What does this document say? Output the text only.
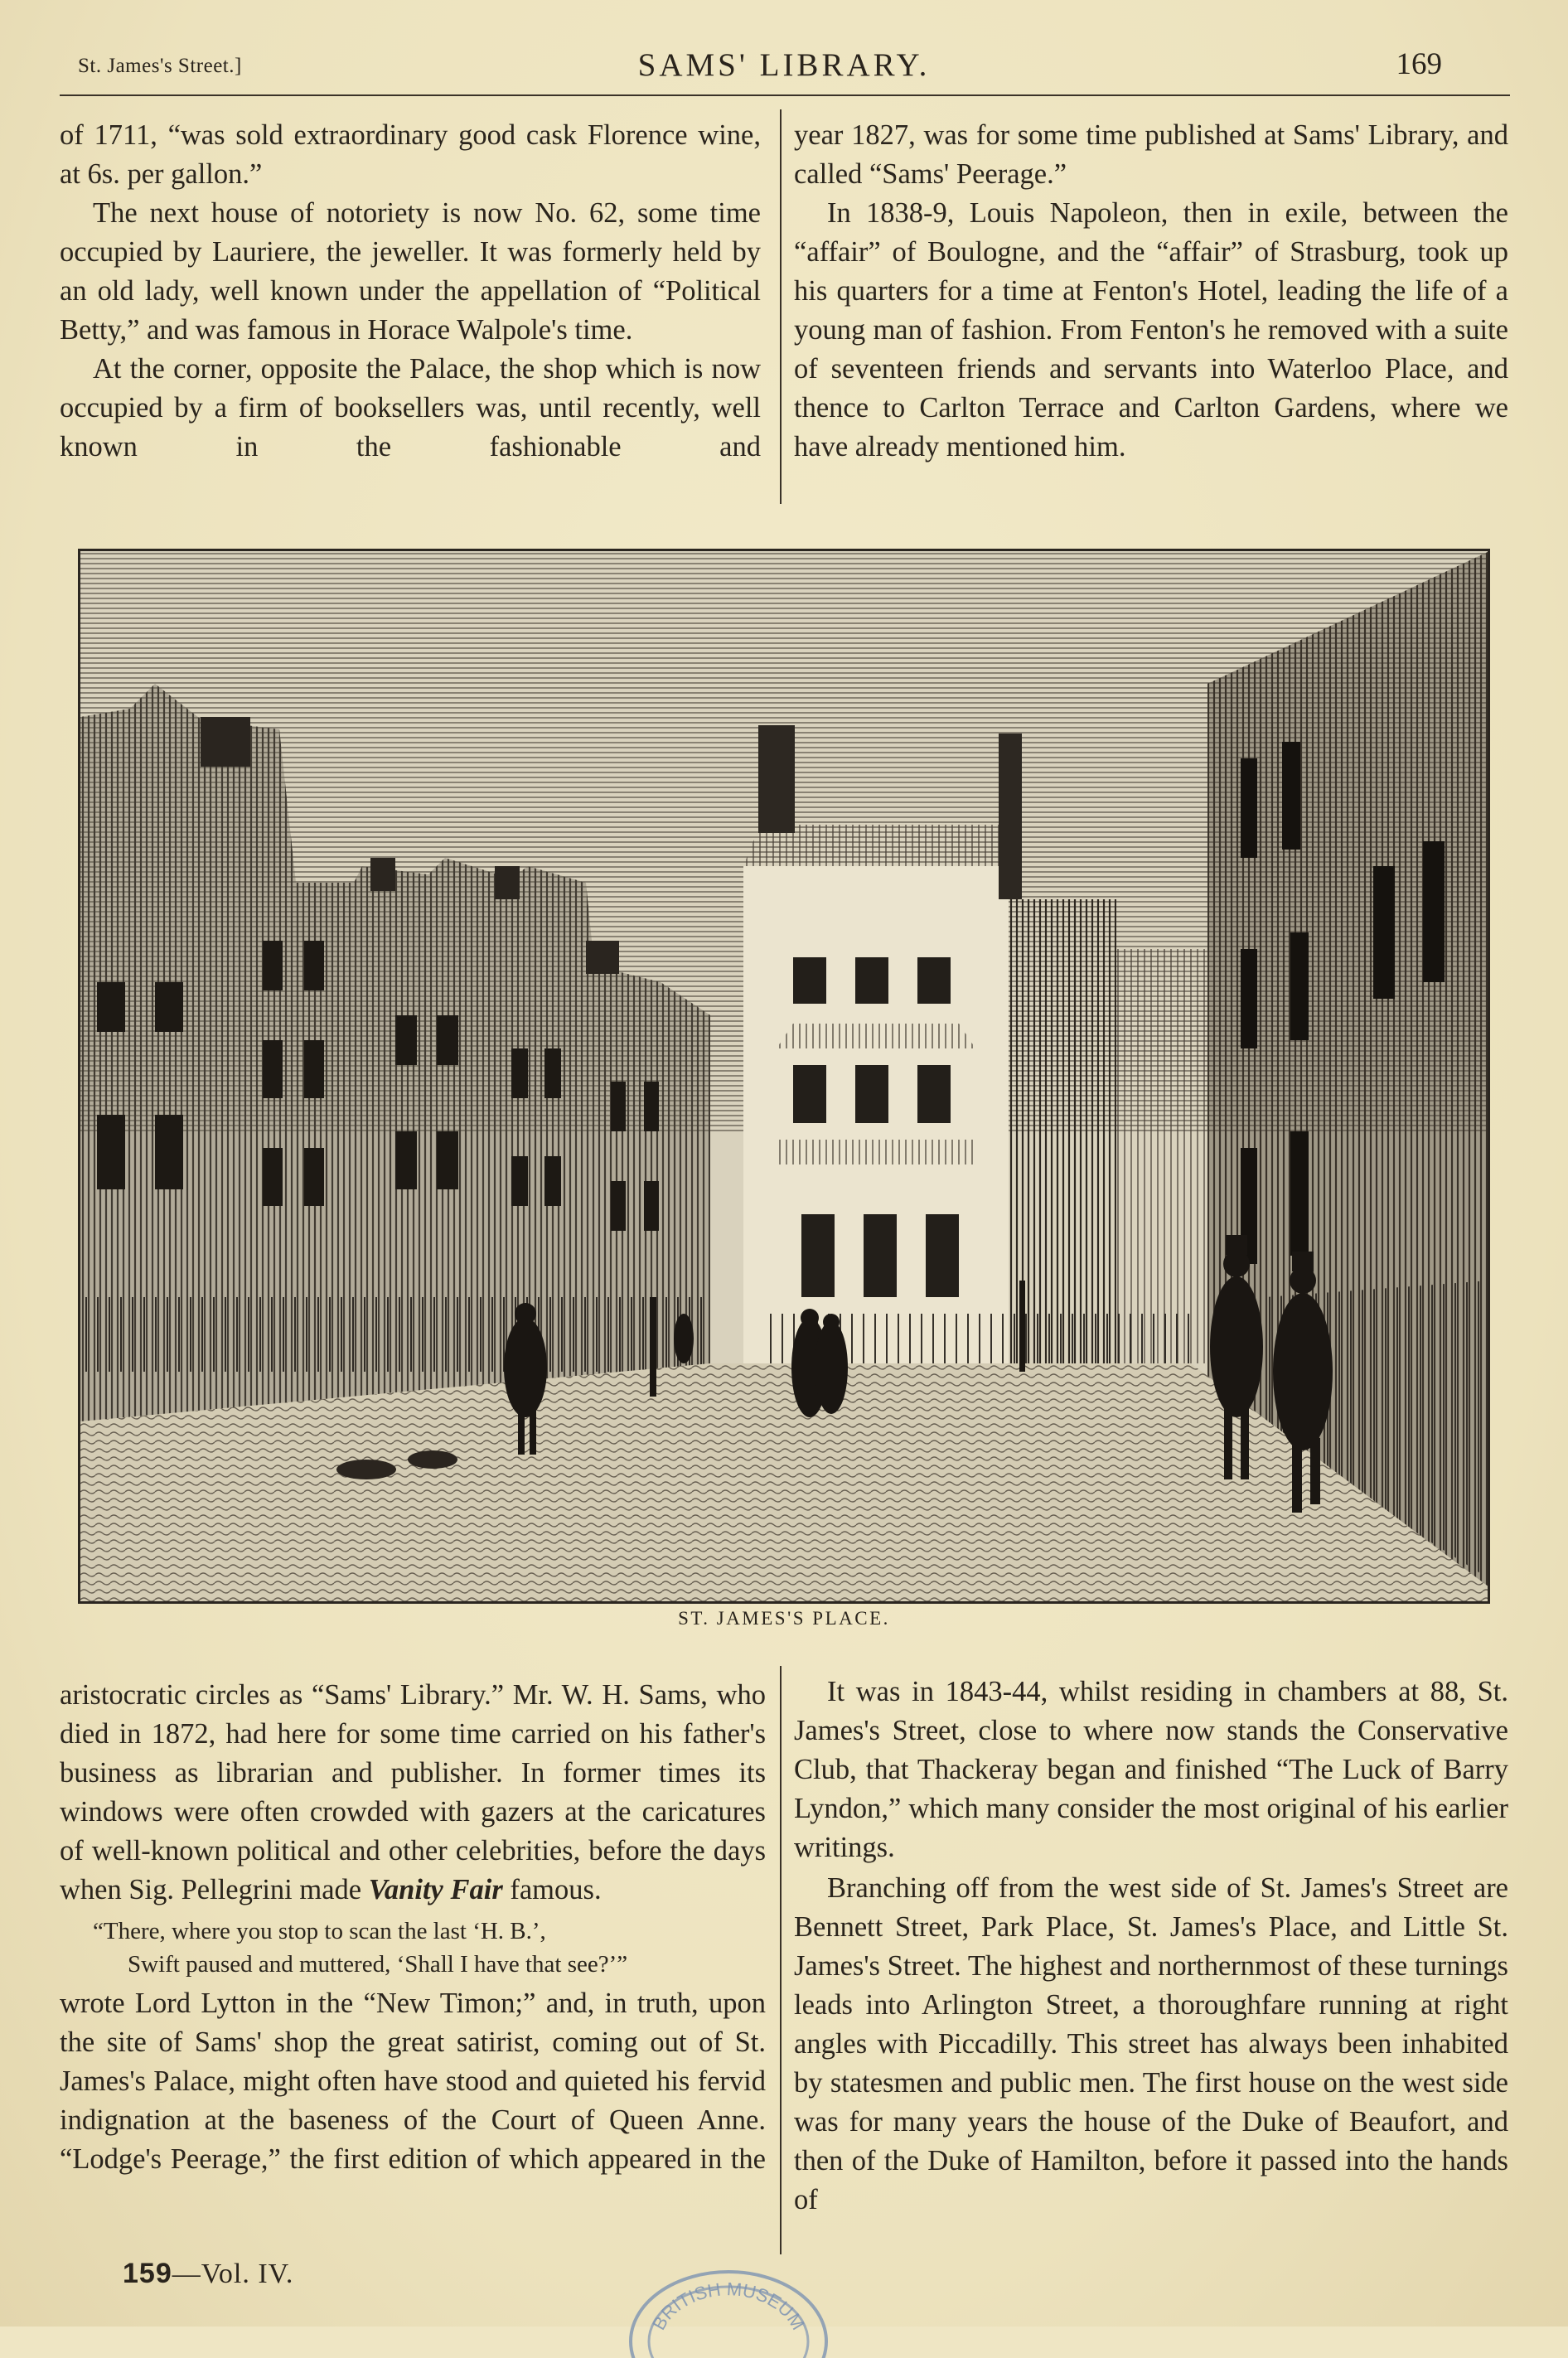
St. James's Street.]	SAMS' LIBRARY.	169

of 1711, “was sold extraordinary good cask Florence wine, at 6s. per gallon.”

The next house of notoriety is now No. 62, some time occupied by Lauriere, the jeweller. It was formerly held by an old lady, well known under the appellation of “Political Betty,” and was famous in Horace Walpole's time.

At the corner, opposite the Palace, the shop which is now occupied by a firm of booksellers was, until recently, well known in the fashionable and

year 1827, was for some time published at Sams' Library, and called “Sams' Peerage.”

In 1838-9, Louis Napoleon, then in exile, between the “affair” of Boulogne, and the “affair” of Strasburg, took up his quarters for a time at Fenton's Hotel, leading the life of a young man of fashion. From Fenton's he removed with a suite of seventeen friends and servants into Waterloo Place, and thence to Carlton Terrace and Carlton Gardens, where we have already mentioned him.

ST. JAMES'S PLACE.

aristocratic circles as “Sams' Library.” Mr. W. H. Sams, who died in 1872, had here for some time carried on his father's business as librarian and publisher. In former times its windows were often crowded with gazers at the caricatures of well-known political and other celebrities, before the days when Sig. Pellegrini made Vanity Fair famous.

“There, where you stop to scan the last ‘H. B.’,
Swift paused and muttered, ‘Shall I have that see?’”

wrote Lord Lytton in the “New Timon;” and, in truth, upon the site of Sams' shop the great satirist, coming out of St. James's Palace, might often have stood and quieted his fervid indignation at the baseness of the Court of Queen Anne. “Lodge's Peerage,” the first edition of which appeared in the

It was in 1843-44, whilst residing in chambers at 88, St. James's Street, close to where now stands the Conservative Club, that Thackeray began and finished “The Luck of Barry Lyndon,” which many consider the most original of his earlier writings.

Branching off from the west side of St. James's Street are Bennett Street, Park Place, St. James's Place, and Little St. James's Street. The highest and northernmost of these turnings leads into Arlington Street, a thoroughfare running at right angles with Piccadilly. This street has always been inhabited by statesmen and public men. The first house on the west side was for many years the house of the Duke of Beaufort, and then of the Duke of Hamilton, before it passed into the hands of

159—Vol. IV.
BRITISH MUSEUM
